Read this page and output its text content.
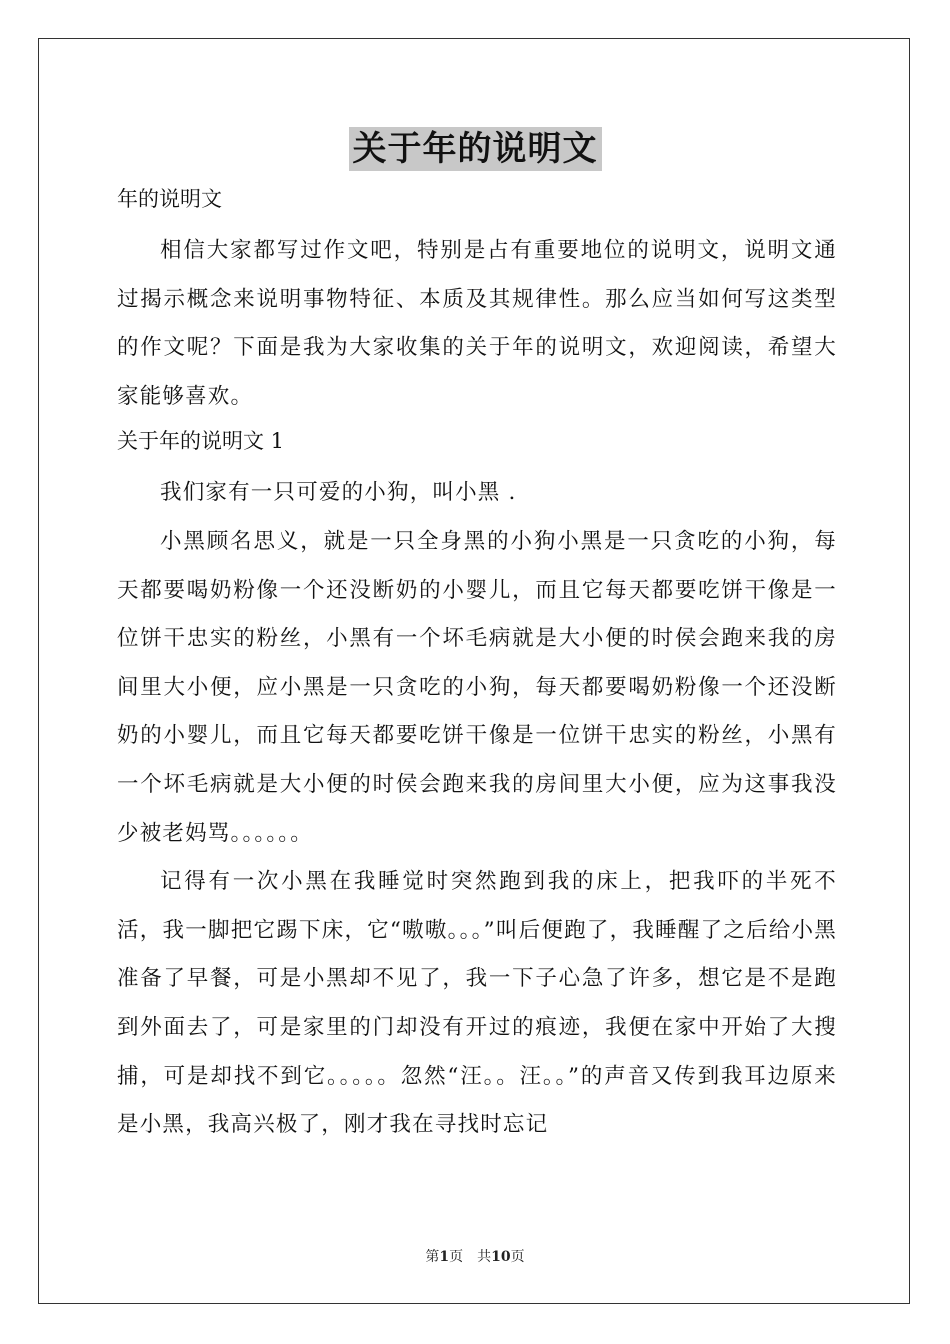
关于年的说明文
年的说明文

相信大家都写过作文吧，特别是占有重要地位的说明文，说明文通过揭示概念来说明事物特征、本质及其规律性。那么应当如何写这类型的作文呢？下面是我为大家收集的关于年的说明文，欢迎阅读，希望大家能够喜欢。

关于年的说明文 1

我们家有一只可爱的小狗，叫小黑 .

小黑顾名思义，就是一只全身黑的小狗小黑是一只贪吃的小狗，每天都要喝奶粉像一个还没断奶的小婴儿，而且它每天都要吃饼干像是一位饼干忠实的粉丝，小黑有一个坏毛病就是大小便的时侯会跑来我的房间里大小便，应小黑是一只贪吃的小狗，每天都要喝奶粉像一个还没断奶的小婴儿，而且它每天都要吃饼干像是一位饼干忠实的粉丝，小黑有一个坏毛病就是大小便的时侯会跑来我的房间里大小便，应为这事我没少被老妈骂。。。。。。

记得有一次小黑在我睡觉时突然跑到我的床上，把我吓的半死不活，我一脚把它踢下床，它“嗷嗷。。。”叫后便跑了，我睡醒了之后给小黑准备了早餐，可是小黑却不见了，我一下子心急了许多，想它是不是跑到外面去了，可是家里的门却没有开过的痕迹，我便在家中开始了大搜捕，可是却找不到它。。。。。忽然“汪。。汪。。”的声音又传到我耳边原来是小黑，我高兴极了，刚才我在寻找时忘记

第1页　共10页
